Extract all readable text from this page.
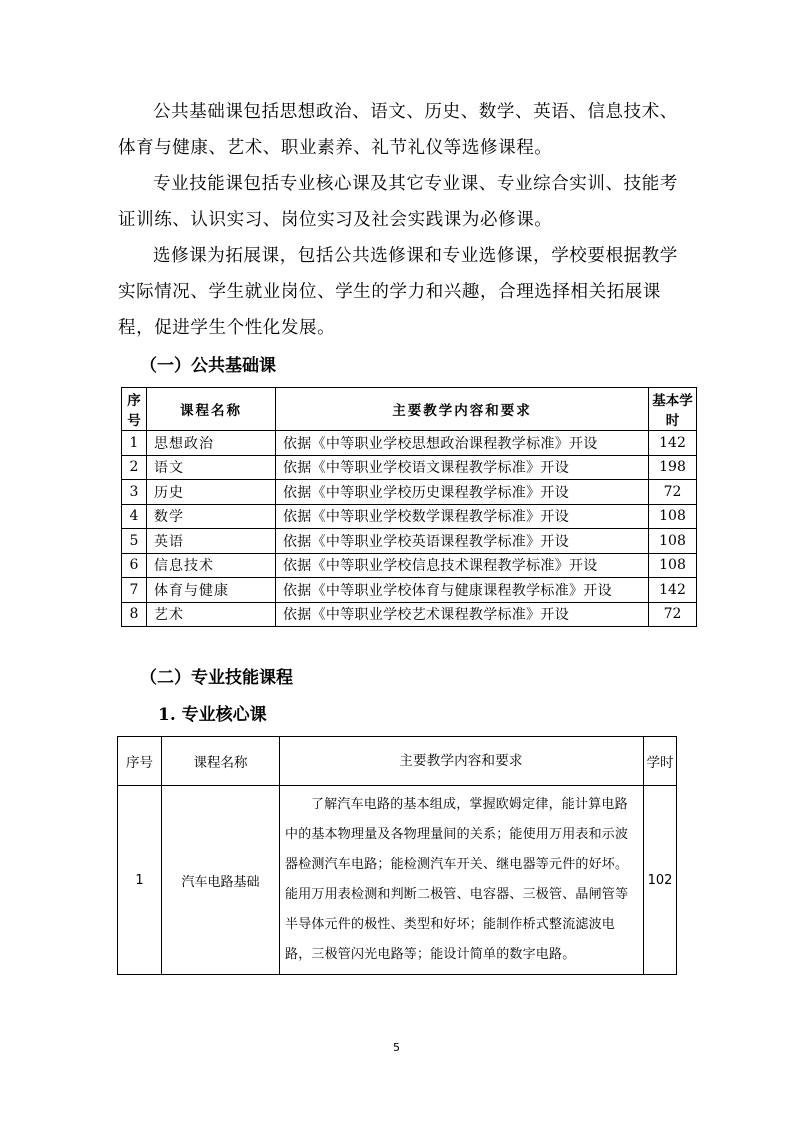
公共基础课包括思想政治、语文、历史、数学、英语、信息技术、体育与健康、艺术、职业素养、礼节礼仪等选修课程。

专业技能课包括专业核心课及其它专业课、专业综合实训、技能考证训练、认识实习、岗位实习及社会实践课为必修课。

选修课为拓展课，包括公共选修课和专业选修课，学校要根据教学实际情况、学生就业岗位、学生的学力和兴趣，合理选择相关拓展课程，促进学生个性化发展。

（一）公共基础课

序号	课程名称	主要教学内容和要求	基本学时
1	思想政治	依据《中等职业学校思想政治课程教学标准》开设	142
2	语文	依据《中等职业学校语文课程教学标准》开设	198
3	历史	依据《中等职业学校历史课程教学标准》开设	72
4	数学	依据《中等职业学校数学课程教学标准》开设	108
5	英语	依据《中等职业学校英语课程教学标准》开设	108
6	信息技术	依据《中等职业学校信息技术课程教学标准》开设	108
7	体育与健康	依据《中等职业学校体育与健康课程教学标准》开设	142
8	艺术	依据《中等职业学校艺术课程教学标准》开设	72

（二）专业技能课程

1. 专业核心课

序号	课程名称	主要教学内容和要求	学时
1	汽车电路基础	了解汽车电路的基本组成，掌握欧姆定律，能计算电路中的基本物理量及各物理量间的关系；能使用万用表和示波器检测汽车电路；能检测汽车开关、继电器等元件的好坏。
能用万用表检测和判断二极管、电容器、三极管、晶闸管等半导体元件的极性、类型和好坏；能制作桥式整流滤波电路，三极管闪光电路等；能设计简单的数字电路。	102
5
